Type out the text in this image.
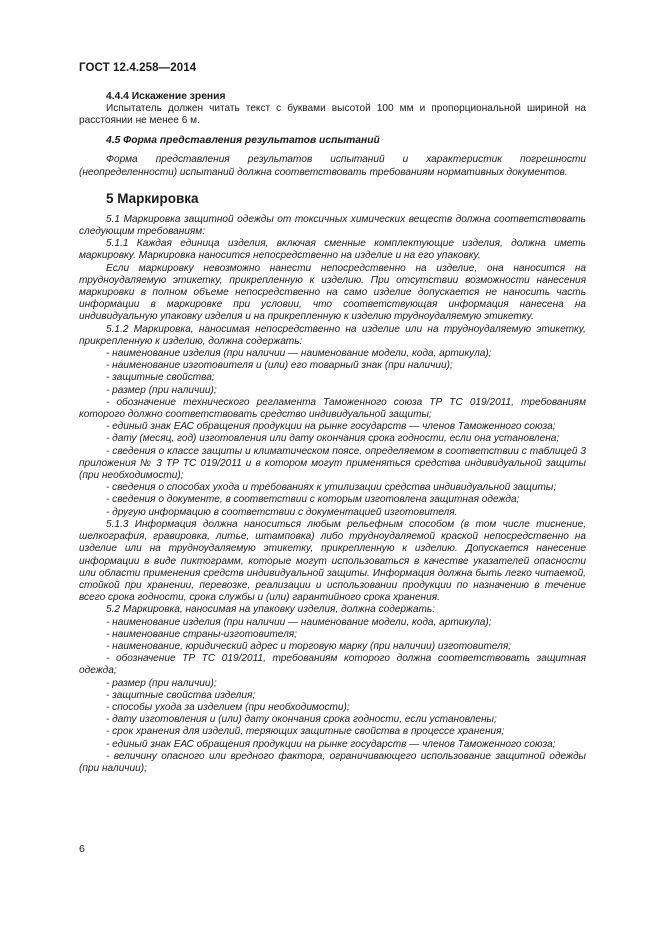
ГОСТ 12.4.258—2014

4.4.4 Искажение зрения

Испытатель должен читать текст с буквами высотой 100 мм и пропорциональной шириной на расстоянии не менее 6 м.

4.5 Форма представления результатов испытаний

Форма представления результатов испытаний и характеристик погрешности (неопределенности) испытаний должна соответствовать требованиям нормативных документов.

5 Маркировка

5.1 Маркировка защитной одежды от токсичных химических веществ должна соответствовать следующим требованиям:

5.1.1 Каждая единица изделия, включая сменные комплектующие изделия, должна иметь маркировку. Маркировка наносится непосредственно на изделие и на его упаковку.

Если маркировку невозможно нанести непосредственно на изделие, она наносится на трудноудаляемую этикетку, прикрепленную к изделию. При отсутствии возможности нанесения маркировки в полном объеме непосредственно на само изделие допускается не наносить часть информации в маркировке при условии, что соответствующая информация нанесена на индивидуальную упаковку изделия и на прикрепленную к изделию трудноудаляемую этикетку.

5.1.2 Маркировка, наносимая непосредственно на изделие или на трудноудаляемую этикетку, прикрепленную к изделию, должна содержать:

- наименование изделия (при наличии — наименование модели, кода, артикула);

- наименование изготовителя и (или) его товарный знак (при наличии);

- защитные свойства;

- размер (при наличии);

- обозначение технического регламента Таможенного союза ТР ТС 019/2011, требованиям которого должно соответствовать средство индивидуальной защиты;

- единый знак ЕАС обращения продукции на рынке государств — членов Таможенного союза;

- дату (месяц, год) изготовления или дату окончания срока годности, если она установлена;

- сведения о классе защиты и климатическом поясе, определяемом в соответствии с таблицей 3 приложения № 3 ТР ТС 019/2011 и в котором могут применяться средства индивидуальной защиты (при необходимости);

- сведения о способах ухода и требованиях к утилизации средства индивидуальной защиты;

- сведения о документе, в соответствии с которым изготовлена защитная одежда;

- другую информацию в соответствии с документацией изготовителя.

5.1.3 Информация должна наноситься любым рельефным способом (в том числе тиснение, шелкография, гравировка, литье, штамповка) либо трудноудаляемой краской непосредственно на изделие или на трудноудаляемую этикетку, прикрепленную к изделию. Допускается нанесение информации в виде пиктограмм, которые могут использоваться в качестве указателей опасности или области применения средств индивидуальной защиты. Информация должна быть легко читаемой, стойкой при хранении, перевозке, реализации и использовании продукции по назначению в течение всего срока годности, срока службы и (или) гарантийного срока хранения.

5.2 Маркировка, наносимая на упаковку изделия, должна содержать:

- наименование изделия (при наличии — наименование модели, кода, артикула);

- наименование страны-изготовителя;

- наименование, юридический адрес и торговую марку (при наличии) изготовителя;

- обозначение ТР ТС 019/2011, требованиям которого должна соответствовать защитная одежда;

- размер (при наличии);

- защитные свойства изделия;

- способы ухода за изделием (при необходимости);

- дату изготовления и (или) дату окончания срока годности, если установлены;

- срок хранения для изделий, теряющих защитные свойства в процессе хранения;

- единый знак ЕАС обращения продукции на рынке государств — членов Таможенного союза;

- величину опасного или вредного фактора, ограничивающего использование защитной одежды (при наличии);

6
